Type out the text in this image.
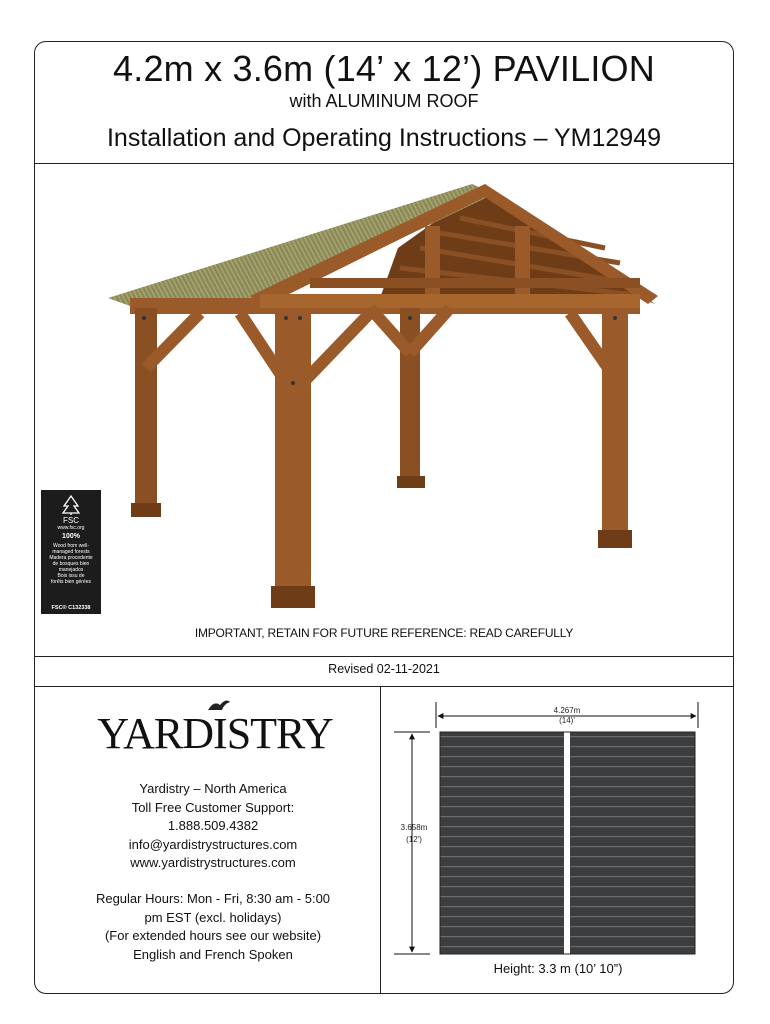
4.2m x 3.6m (14’ x 12’) PAVILION
with ALUMINUM ROOF
Installation and Operating Instructions – YM12949
FSC
www.fsc.org
100%
Wood from well-
managed forests
Madera procedente
de bosques bien
manejados
Bois issu de
forêts bien gérées
FSC® C132338
IMPORTANT, RETAIN FOR FUTURE REFERENCE: READ CAREFULLY
Revised 02-11-2021
YARDISTRY
Yardistry – North America
Toll Free Customer Support:
1.888.509.4382
info@yardistrystructures.com
www.yardistrystructures.com
Regular Hours: Mon - Fri, 8:30 am - 5:00
pm EST (excl. holidays)
(For extended hours see our website)
English and French Spoken
4.267m
(14)'
3.658m
(12')
Height: 3.3 m (10’ 10”)
